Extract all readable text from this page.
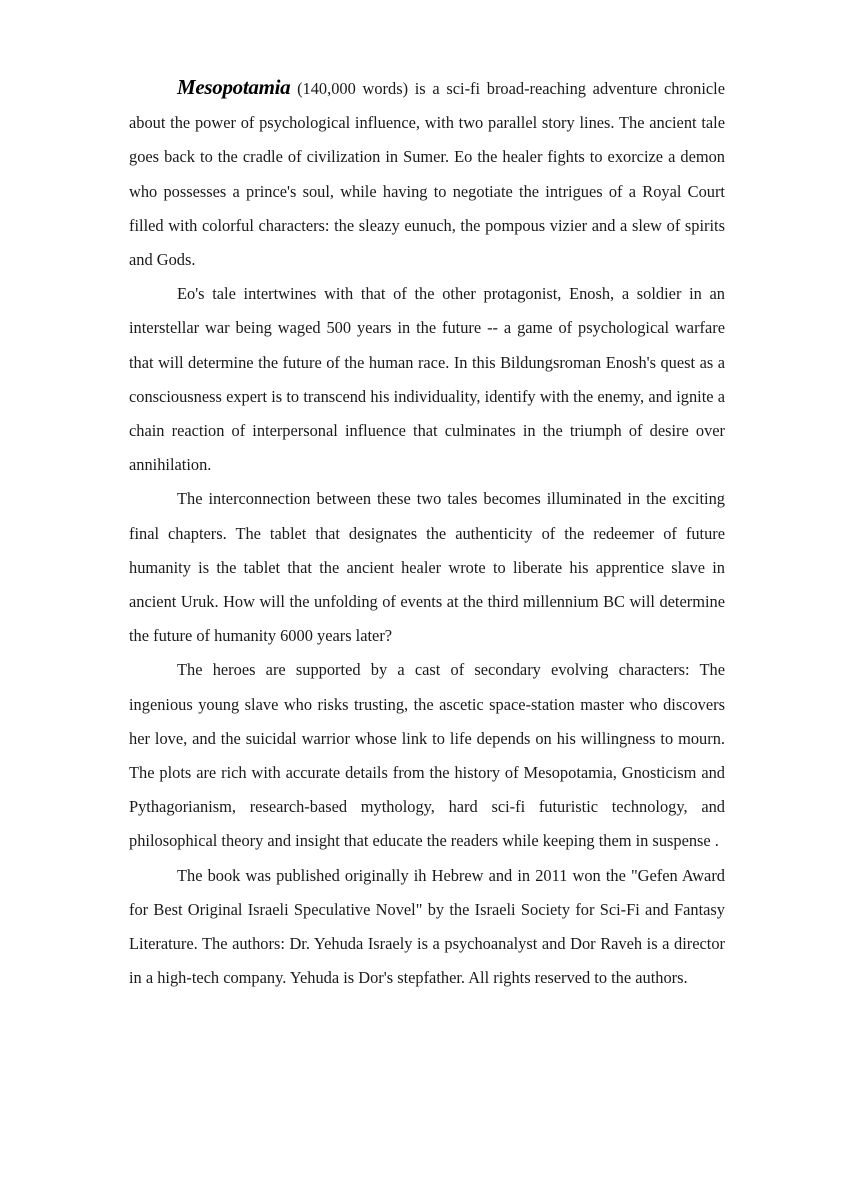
Mesopotamia (140,000 words) is a sci-fi broad-reaching adventure chronicle about the power of psychological influence, with two parallel story lines. The ancient tale goes back to the cradle of civilization in Sumer. Eo the healer fights to exorcize a demon who possesses a prince's soul, while having to negotiate the intrigues of a Royal Court filled with colorful characters: the sleazy eunuch, the pompous vizier and a slew of spirits and Gods.

Eo's tale intertwines with that of the other protagonist, Enosh, a soldier in an interstellar war being waged 500 years in the future -- a game of psychological warfare that will determine the future of the human race. In this Bildungsroman Enosh's quest as a consciousness expert is to transcend his individuality, identify with the enemy, and ignite a chain reaction of interpersonal influence that culminates in the triumph of desire over annihilation.

The interconnection between these two tales becomes illuminated in the exciting final chapters. The tablet that designates the authenticity of the redeemer of future humanity is the tablet that the ancient healer wrote to liberate his apprentice slave in ancient Uruk. How will the unfolding of events at the third millennium BC will determine the future of humanity 6000 years later?

The heroes are supported by a cast of secondary evolving characters: The ingenious young slave who risks trusting, the ascetic space-station master who discovers her love, and the suicidal warrior whose link to life depends on his willingness to mourn. The plots are rich with accurate details from the history of Mesopotamia, Gnosticism and Pythagorianism, research-based mythology, hard sci-fi futuristic technology, and philosophical theory and insight that educate the readers while keeping them in suspense .

The book was published originally ih Hebrew and in 2011 won the "Gefen Award for Best Original Israeli Speculative Novel" by the Israeli Society for Sci-Fi and Fantasy Literature. The authors: Dr. Yehuda Israely is a psychoanalyst and Dor Raveh is a director in a high-tech company. Yehuda is Dor's stepfather. All rights reserved to the authors.
